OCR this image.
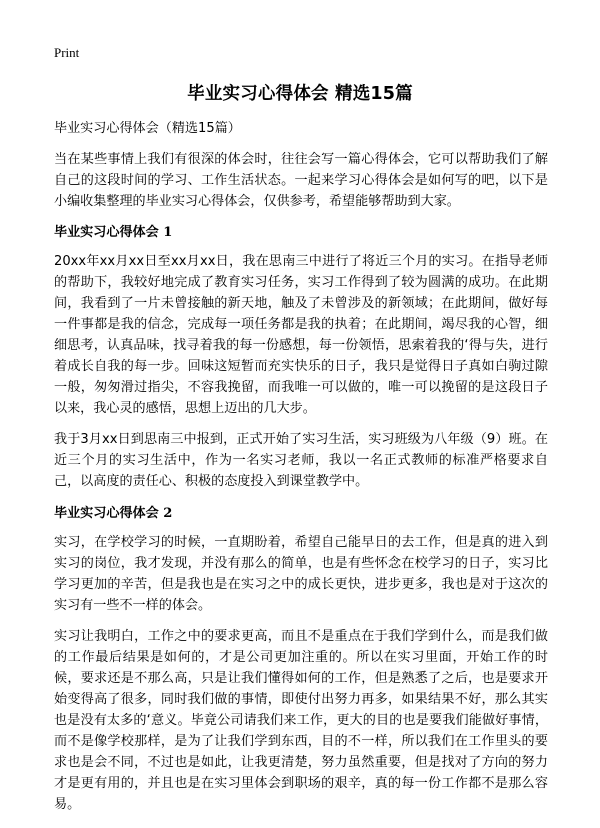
Print
毕业实习心得体会 精选15篇

毕业实习心得体会（精选15篇）

当在某些事情上我们有很深的体会时，往往会写一篇心得体会，它可以帮助我们了解自己的这段时间的学习、工作生活状态。一起来学习心得体会是如何写的吧，以下是小编收集整理的毕业实习心得体会，仅供参考，希望能够帮助到大家。

毕业实习心得体会 1

20xx年xx月xx日至xx月xx日，我在思南三中进行了将近三个月的实习。在指导老师的帮助下，我较好地完成了教育实习任务，实习工作得到了较为圆满的成功。在此期间，我看到了一片未曾接触的新天地，触及了未曾涉及的新领域；在此期间，做好每一件事都是我的信念，完成每一项任务都是我的执着；在此期间，竭尽我的心智，细细思考，认真品味，找寻着我的每一份感想，每一份领悟，思索着我的‘得与失，进行着成长自我的每一步。回味这短暂而充实快乐的日子，我只是觉得日子真如白驹过隙一般，匆匆滑过指尖，不容我挽留，而我唯一可以做的，唯一可以挽留的是这段日子以来，我心灵的感悟，思想上迈出的几大步。

我于3月xx日到思南三中报到，正式开始了实习生活，实习班级为八年级（9）班。在近三个月的实习生活中，作为一名实习老师，我以一名正式教师的标准严格要求自己，以高度的责任心、积极的态度投入到课堂教学中。

毕业实习心得体会 2

实习，在学校学习的时候，一直期盼着，希望自己能早日的去工作，但是真的进入到实习的岗位，我才发现，并没有那么的简单，也是有些怀念在校学习的日子，实习比学习更加的辛苦，但是我也是在实习之中的成长更快，进步更多，我也是对于这次的实习有一些不一样的体会。

实习让我明白，工作之中的要求更高，而且不是重点在于我们学到什么，而是我们做的工作最后结果是如何的，才是公司更加注重的。所以在实习里面，开始工作的时候，要求还是不那么高，只是让我们懂得如何的工作，但是熟悉了之后，也是要求开始变得高了很多，同时我们做的事情，即使付出努力再多，如果结果不好，那么其实也是没有太多的‘意义。毕竟公司请我们来工作，更大的目的也是要我们能做好事情，而不是像学校那样，是为了让我们学到东西，目的不一样，所以我们在工作里头的要求也是会不同，不过也是如此，让我更清楚，努力虽然重要，但是找对了方向的努力才是更有用的，并且也是在实习里体会到职场的艰辛，真的每一份工作都不是那么容易。
